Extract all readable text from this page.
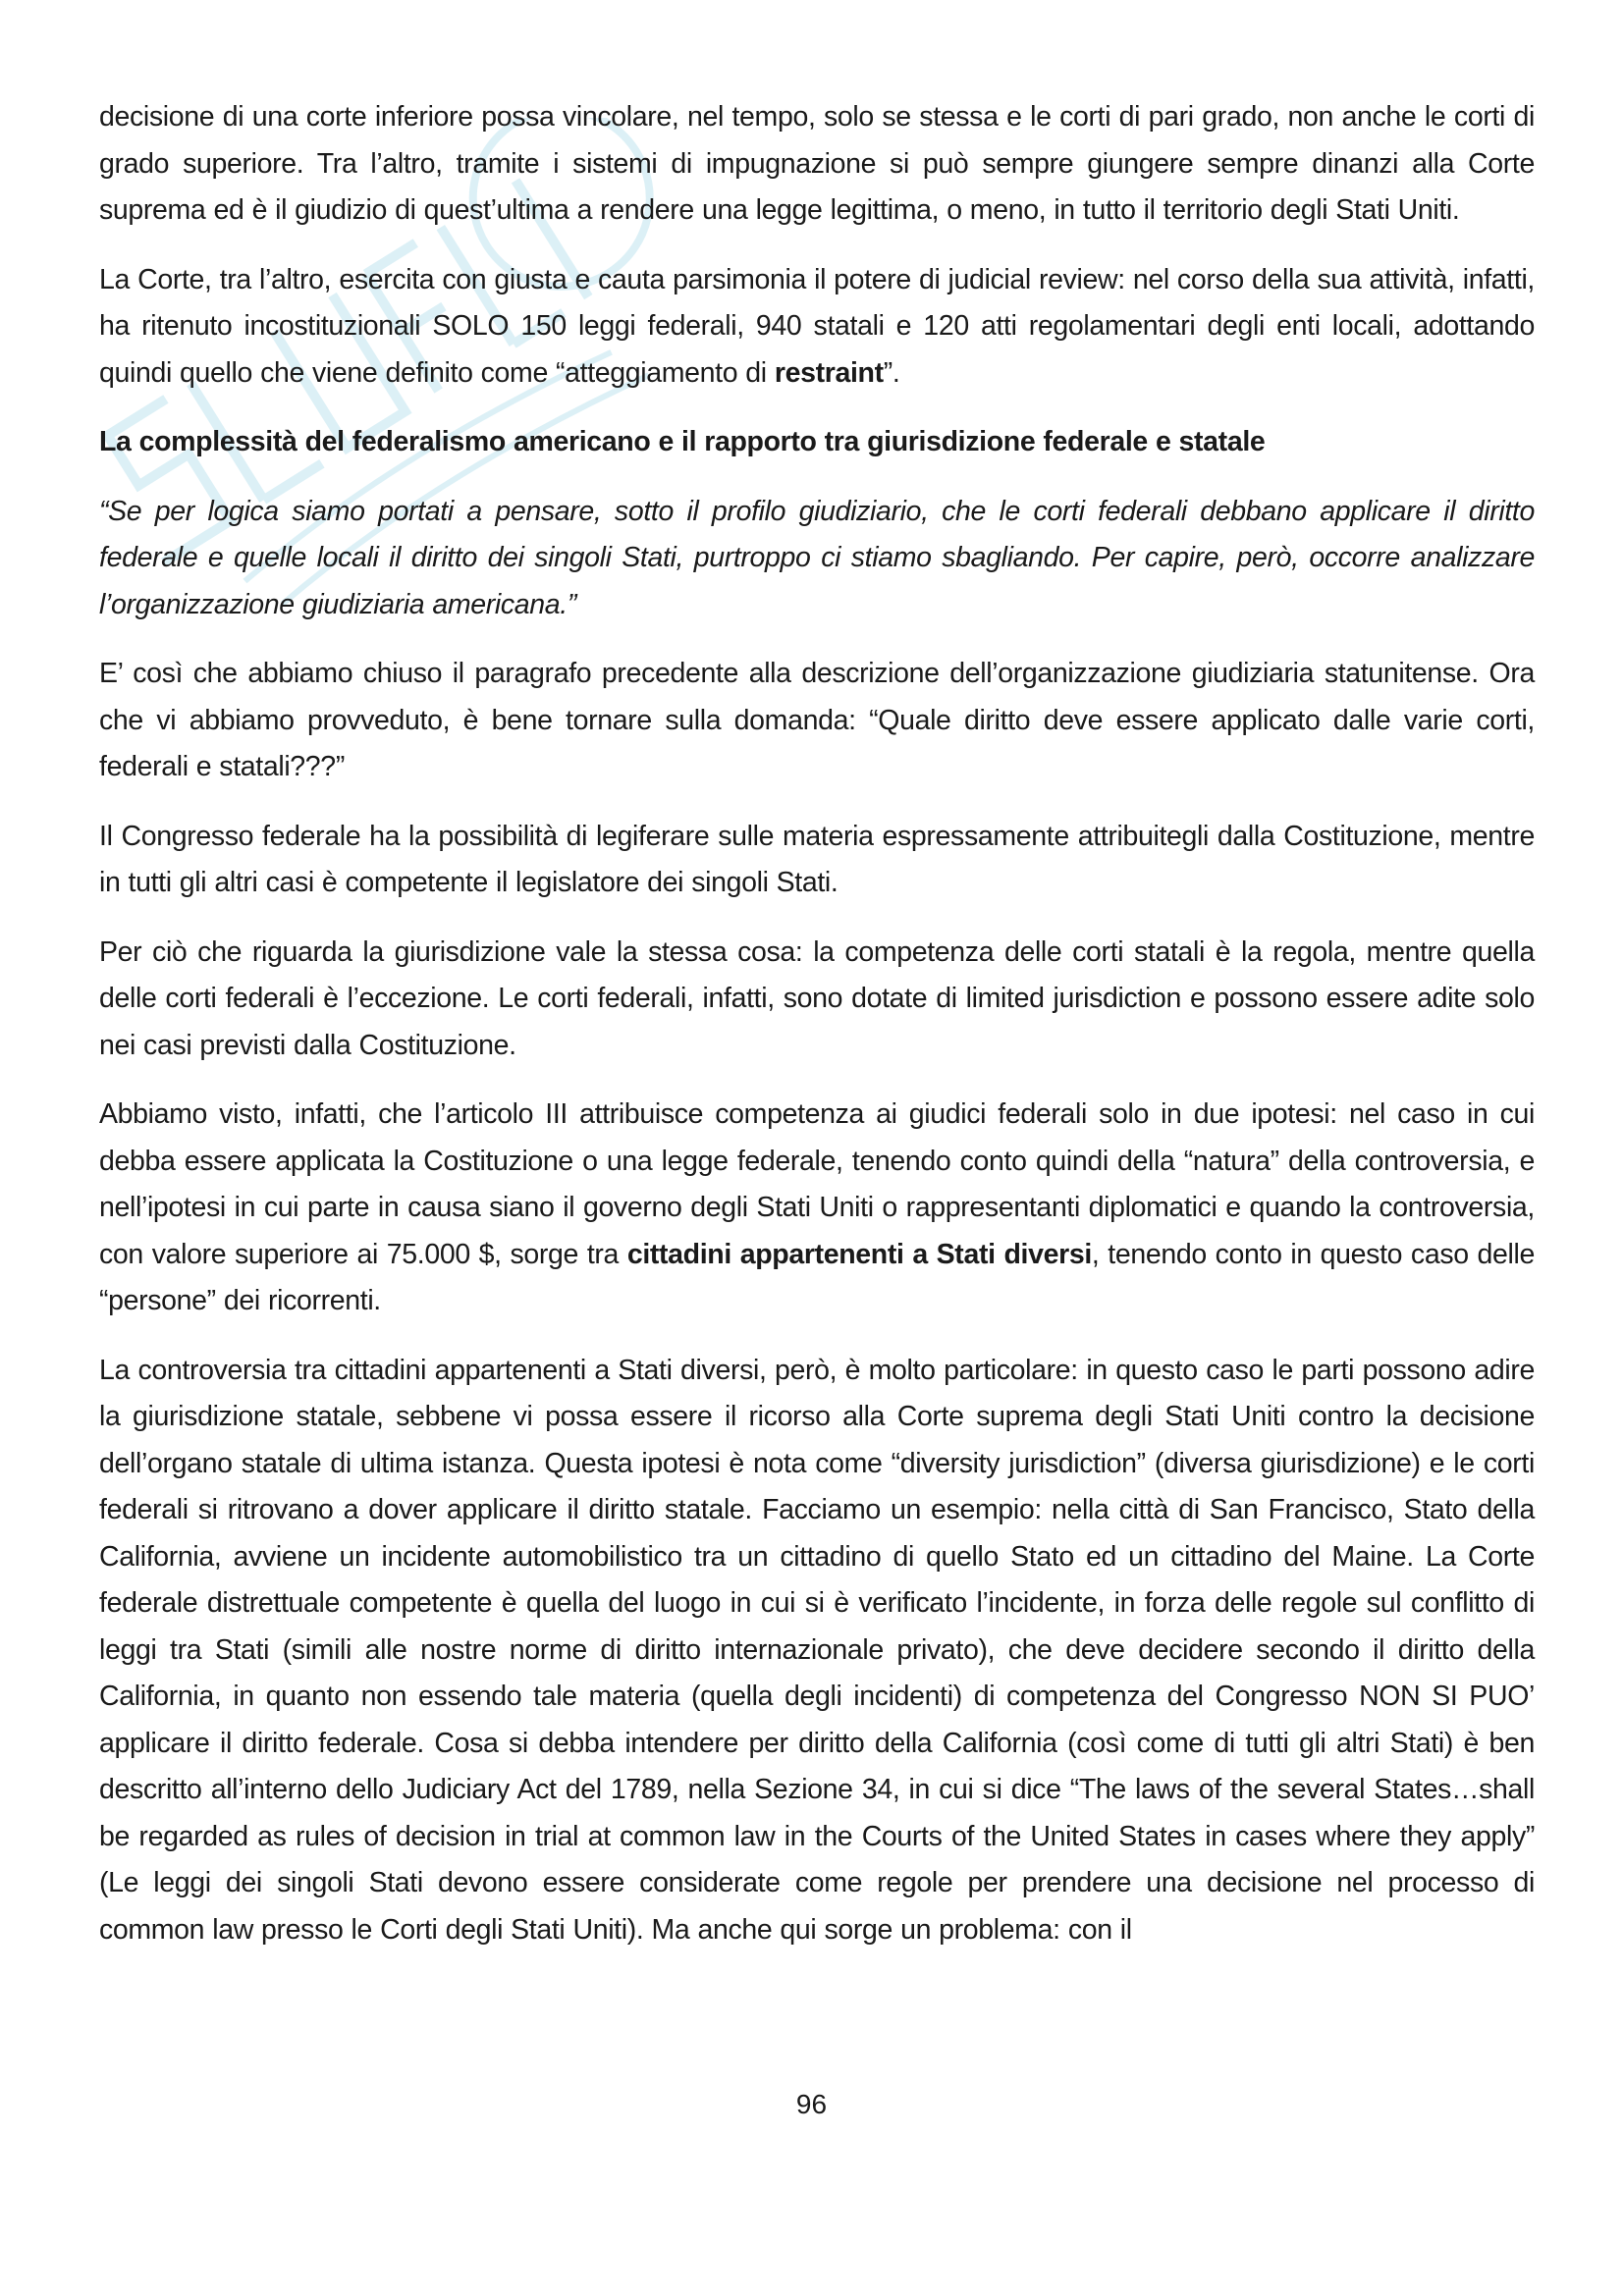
decisione di una corte inferiore possa vincolare, nel tempo, solo se stessa e le corti di pari grado, non anche le corti di grado superiore. Tra l’altro, tramite i sistemi di impugnazione si può sempre giungere sempre dinanzi alla Corte suprema ed è il giudizio di quest’ultima a rendere una legge legittima, o meno, in tutto il territorio degli Stati Uniti.

La Corte, tra l’altro, esercita con giusta e cauta parsimonia il potere di judicial review: nel corso della sua attività, infatti, ha ritenuto incostituzionali SOLO 150 leggi federali, 940 statali e 120 atti regolamentari degli enti locali, adottando quindi quello che viene definito come “atteggiamento di restraint”.

La complessità del federalismo americano e il rapporto tra giurisdizione federale e statale

“Se per logica siamo portati a pensare, sotto il profilo giudiziario, che le corti federali debbano applicare il diritto federale e quelle locali il diritto dei singoli Stati, purtroppo ci stiamo sbagliando. Per capire, però, occorre analizzare l’organizzazione giudiziaria americana.”

E’ così che abbiamo chiuso il paragrafo precedente alla descrizione dell’organizzazione giudiziaria statunitense. Ora che vi abbiamo provveduto, è bene tornare sulla domanda: “Quale diritto deve essere applicato dalle varie corti, federali e statali???”

Il Congresso federale ha la possibilità di legiferare sulle materia espressamente attribuitegli dalla Costituzione, mentre in tutti gli altri casi è competente il legislatore dei singoli Stati.

Per ciò che riguarda la giurisdizione vale la stessa cosa: la competenza delle corti statali è la regola, mentre quella delle corti federali è l’eccezione. Le corti federali, infatti, sono dotate di limited jurisdiction e possono essere adite solo nei casi previsti dalla Costituzione.

Abbiamo visto, infatti, che l’articolo III attribuisce competenza ai giudici federali solo in due ipotesi: nel caso in cui debba essere applicata la Costituzione o una legge federale, tenendo conto quindi della “natura” della controversia, e nell’ipotesi in cui parte in causa siano il governo degli Stati Uniti o rappresentanti diplomatici e quando la controversia, con valore superiore ai 75.000 $, sorge tra cittadini appartenenti a Stati diversi, tenendo conto in questo caso delle “persone” dei ricorrenti.

La controversia tra cittadini appartenenti a Stati diversi, però, è molto particolare: in questo caso le parti possono adire la giurisdizione statale, sebbene vi possa essere il ricorso alla Corte suprema degli Stati Uniti contro la decisione dell’organo statale di ultima istanza. Questa ipotesi è nota come “diversity jurisdiction” (diversa giurisdizione) e le corti federali si ritrovano a dover applicare il diritto statale. Facciamo un esempio: nella città di San Francisco, Stato della California, avviene un incidente automobilistico tra un cittadino di quello Stato ed un cittadino del Maine. La Corte federale distrettuale competente è quella del luogo in cui si è verificato l’incidente, in forza delle regole sul conflitto di leggi tra Stati (simili alle nostre norme di diritto internazionale privato), che deve decidere secondo il diritto della California, in quanto non essendo tale materia (quella degli incidenti) di competenza del Congresso NON SI PUO’ applicare il diritto federale. Cosa si debba intendere per diritto della California (così come di tutti gli altri Stati) è ben descritto all’interno dello Judiciary Act del 1789, nella Sezione 34, in cui si dice “The laws of the several States…shall be regarded as rules of decision in trial at common law in the Courts of the United States in cases where they apply” (Le leggi dei singoli Stati devono essere considerate come regole per prendere una decisione nel processo di common law presso le Corti degli Stati Uniti). Ma anche qui sorge un problema: con il

96
